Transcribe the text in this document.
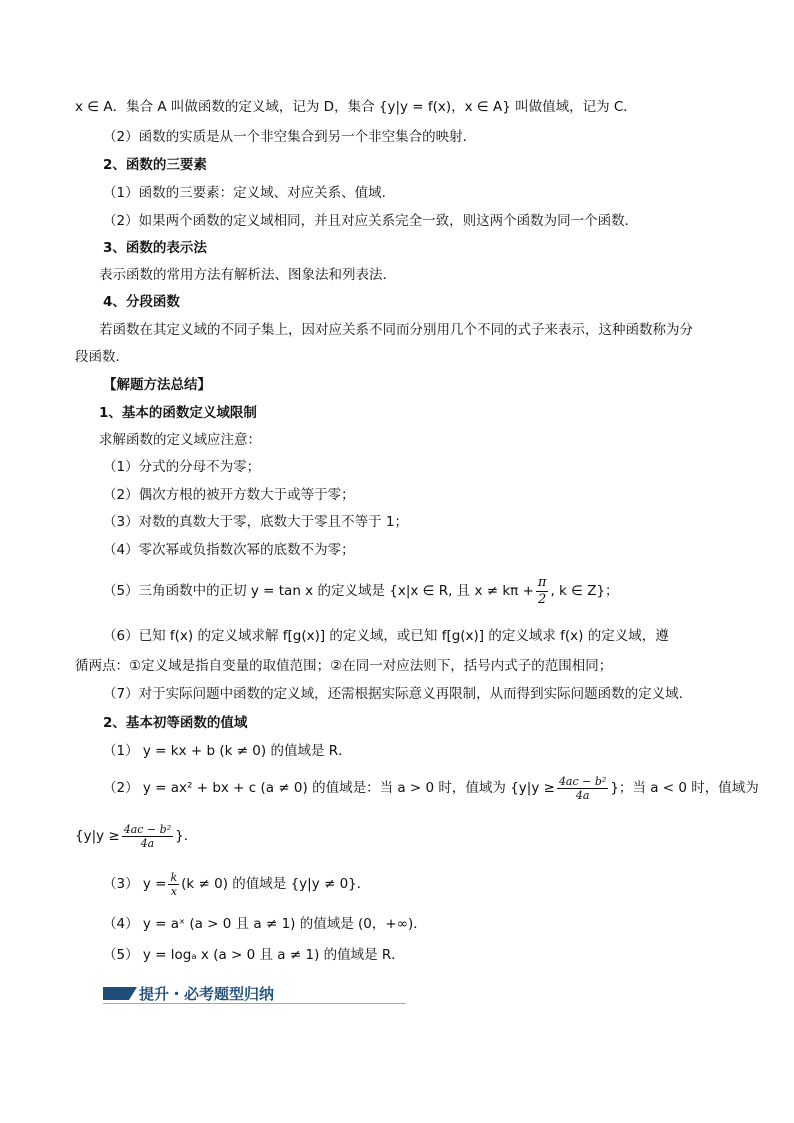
x ∈ A．集合 A 叫做函数的定义域，记为 D，集合 {y|y = f(x)，x ∈ A} 叫做值域，记为 C．
（2）函数的实质是从一个非空集合到另一个非空集合的映射．
2、函数的三要素
（1）函数的三要素：定义域、对应关系、值域．
（2）如果两个函数的定义域相同，并且对应关系完全一致，则这两个函数为同一个函数．
3、函数的表示法
表示函数的常用方法有解析法、图象法和列表法．
4、分段函数
若函数在其定义域的不同子集上，因对应关系不同而分别用几个不同的式子来表示，这种函数称为分
段函数．
【解题方法总结】
1、基本的函数定义域限制
求解函数的定义域应注意：
（1）分式的分母不为零；
（2）偶次方根的被开方数大于或等于零；
（3）对数的真数大于零，底数大于零且不等于 1；
（4）零次幂或负指数次幂的底数不为零；
（5）三角函数中的正切 y = tan x 的定义域是 {x|x ∈ R, 且 $x \ne k\pi + \frac{\pi}{2}$ , k ∈ Z}；
（6）已知 f(x) 的定义域求解 f[g(x)] 的定义域，或已知 f[g(x)] 的定义域求 f(x) 的定义域，遵
循两点：①定义域是指自变量的取值范围；②在同一对应法则下，括号内式子的范围相同；
（7）对于实际问题中函数的定义域，还需根据实际意义再限制，从而得到实际问题函数的定义域．
2、基本初等函数的值域
（1） y = kx + b (k ≠ 0) 的值域是 R．
（2） y = ax² + bx + c (a ≠ 0) 的值域是：当 a > 0 时，值域为 {$y|y \ge \frac{\text{4ac − b²}}{4a}$ }；当 a < 0 时，值域为
{$y|y \ge \frac{\text{4ac − b²}}{4a}$ }．
（3） $y = \frac{k}{x} (k \ne 0)$ 的值域是 {y|y ≠ 0}．
（4） y = aˣ (a > 0 且 a ≠ 1) 的值域是 (0，+∞)．
（5） y = logₐ x (a > 0 且 a ≠ 1) 的值域是 R．
提升・必考题型归纳
